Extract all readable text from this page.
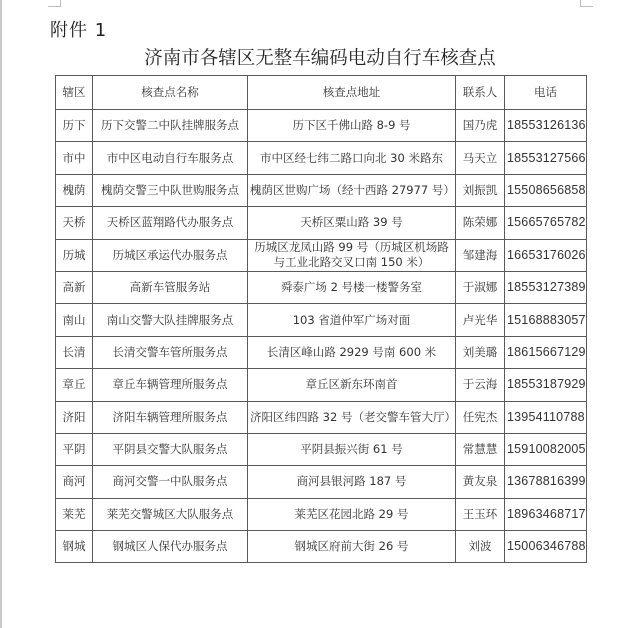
附件 1
济南市各辖区无整车编码电动自行车核查点
辖区	核查点名称	核查点地址	联系人	电话
历下	历下交警二中队挂牌服务点	历下区千佛山路 8-9 号	国乃虎	18553126136
市中	市中区电动自行车服务点	市中区经七纬二路口向北 30 米路东	马天立	18553127566
槐荫	槐荫交警三中队世购服务点	槐荫区世购广场（经十西路 27977 号）	刘振凯	15508656858
天桥	天桥区蓝翔路代办服务点	天桥区粟山路 39 号	陈荣娜	15665765782
历城	历城区承运代办服务点	历城区龙凤山路 99 号（历城区机场路与工业北路交叉口南 150 米）	邹建海	16653176026
高新	高新车管服务站	舜泰广场 2 号楼一楼警务室	于淑娜	18553127389
南山	南山交警大队挂牌服务点	103 省道仲军广场对面	卢光华	15168883057
长清	长清交警车管所服务点	长清区峰山路 2929 号南 600 米	刘美璐	18615667129
章丘	章丘车辆管理所服务点	章丘区新东环南首	于云海	18553187929
济阳	济阳车辆管理所服务点	济阳区纬四路 32 号（老交警车管大厅）	任宪杰	13954110788
平阴	平阴县交警大队服务点	平阴县振兴街 61 号	常慧慧	15910082005
商河	商河交警一中队服务点	商河县银河路 187 号	黄友泉	13678816399
莱芜	莱芜交警城区大队服务点	莱芜区花园北路 29 号	王玉环	18963468717
钢城	钢城区人保代办服务点	钢城区府前大街 26 号	刘波	15006346788
